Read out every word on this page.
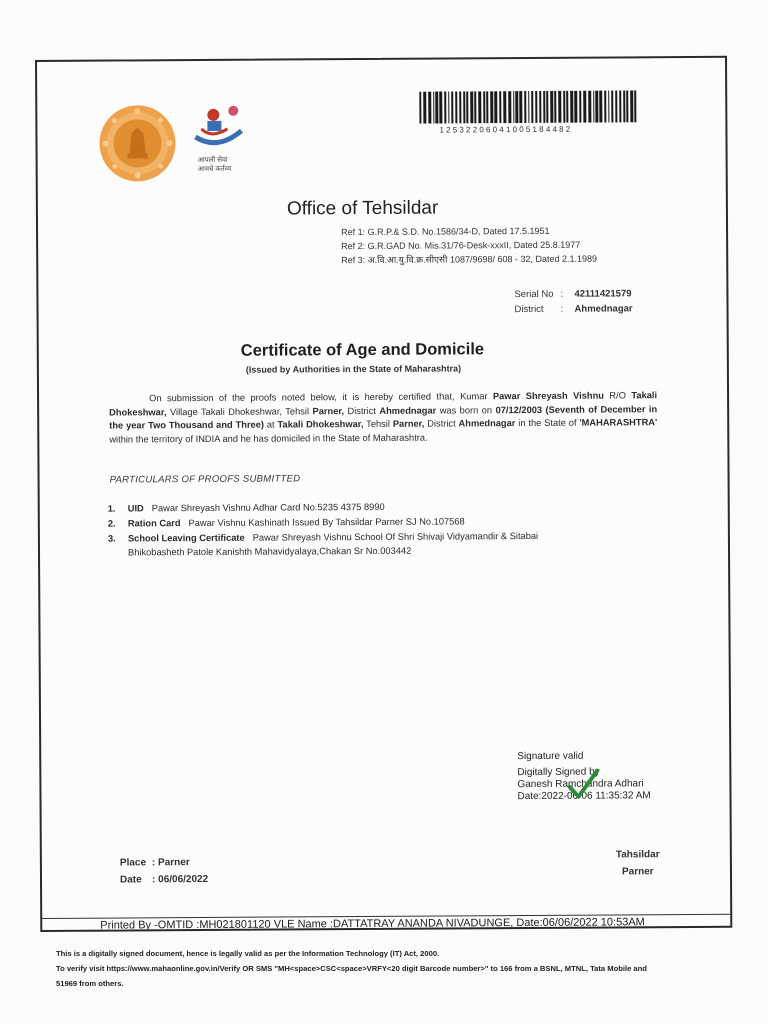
आपली सेवा आमचे कर्तव्य
12532206041005184482
Office of Tehsildar
Ref 1: G.R.P.& S.D. No.1586/34-D, Dated 17.5.1951
Ref 2: G.R.GAD No. Mis.31/76-Desk-xxxII, Dated 25.8.1977
Ref 3: अ.वि.आ.यु.वि.क्र.सीएसी 1087/9698/ 608 - 32, Dated 2.1.1989
Serial No : 42111421579
District : Ahmednagar
Certificate of Age and Domicile
(Issued by Authorities in the State of Maharashtra)
On submission of the proofs noted below, it is hereby certified that, Kumar Pawar Shreyash Vishnu R/O Takali Dhokeshwar, Village Takali Dhokeshwar, Tehsil Parner, District Ahmednagar was born on 07/12/2003 (Seventh of December in the year Two Thousand and Three) at Takali Dhokeshwar, Tehsil Parner, District Ahmednagar in the State of 'MAHARASHTRA' within the territory of INDIA and he has domiciled in the State of Maharashtra.
PARTICULARS OF PROOFS SUBMITTED
1. UID Pawar Shreyash Vishnu Adhar Card No.5235 4375 8990
2. Ration Card Pawar Vishnu Kashinath Issued By Tahsildar Parner SJ No.107568
3. School Leaving Certificate Pawar Shreyash Vishnu School Of Shri Shivaji Vidyamandir & Sitabai
Bhikobasheth Patole Kanishth Mahavidyalaya,Chakan Sr No.003442
Signature valid
Digitally Signed by
Ganesh Ramchandra Adhari
Date:2022-06-06 11:35:32 AM
Place : Parner
Date : 06/06/2022
Tahsildar
Parner
Printed By -OMTID :MH021801120 VLE Name :DATTATRAY ANANDA NIVADUNGE, Date:06/06/2022 10:53AM
This is a digitally signed document, hence is legally valid as per the Information Technology (IT) Act, 2000.
To verify visit https://www.mahaonline.gov.in/Verify OR SMS "MH<space>CSC<space>VRFY<20 digit Barcode number>" to 166 from a BSNL, MTNL, Tata Mobile and
51969 from others.
